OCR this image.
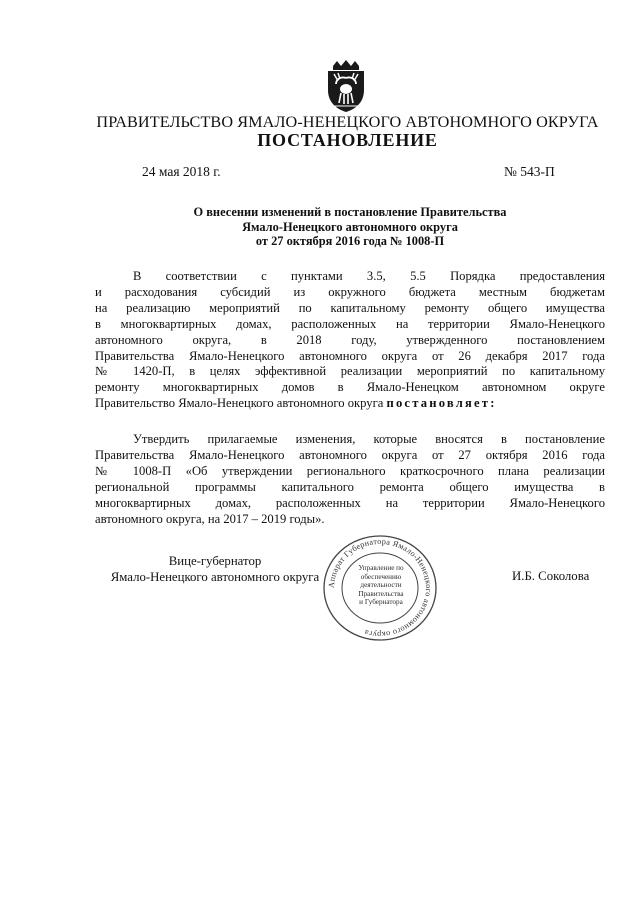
ПРАВИТЕЛЬСТВО ЯМАЛО-НЕНЕЦКОГО АВТОНОМНОГО ОКРУГА
ПОСТАНОВЛЕНИЕ
24 мая 2018 г.	№ 543-П
О внесении изменений в постановление Правительства
Ямало-Ненецкого автономного округа
от 27 октября 2016 года № 1008-П
В соответствии с пунктами 3.5, 5.5 Порядка предоставления
и расходования субсидий из окружного бюджета местным бюджетам
на реализацию мероприятий по капитальному ремонту общего имущества
в многоквартирных домах, расположенных на территории Ямало-Ненецкого
автономного округа, в 2018 году, утвержденного постановлением
Правительства Ямало-Ненецкого автономного округа от 26 декабря 2017 года
№ 1420-П, в целях эффективной реализации мероприятий по капитальному
ремонту многоквартирных домов в Ямало-Ненецком автономном округе
Правительство Ямало-Ненецкого автономного округа постановляет:
Утвердить прилагаемые изменения, которые вносятся в постановление
Правительства Ямало-Ненецкого автономного округа от 27 октября 2016 года
№ 1008-П «Об утверждении регионального краткосрочного плана реализации
региональной программы капитального ремонта общего имущества в
многоквартирных домах, расположенных на территории Ямало-Ненецкого
автономного округа, на 2017 – 2019 годы».
Вице-губернатор
Ямало-Ненецкого автономного округа
Аппарат Губернатора Ямало-Ненецкого автономного округа
Управление по
обеспечению
деятельности
Правительства
и Губернатора
И.Б. Соколова
